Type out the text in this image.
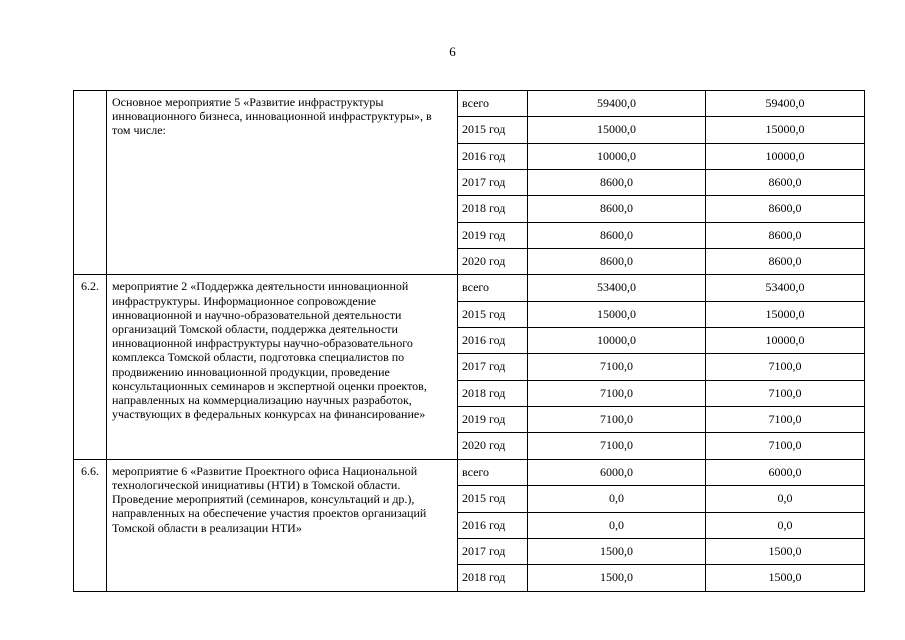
6
	Основное мероприятие 5 «Развитие инфраструктуры инновационного бизнеса, инновационной инфраструктуры», в том числе:	всего	59400,0	59400,0
		2015 год	15000,0	15000,0
		2016 год	10000,0	10000,0
		2017 год	8600,0	8600,0
		2018 год	8600,0	8600,0
		2019 год	8600,0	8600,0
		2020 год	8600,0	8600,0
6.2.	мероприятие 2 «Поддержка деятельности инновационной инфраструктуры. Информационное сопровождение инновационной и научно-образовательной деятельности организаций Томской области, поддержка деятельности инновационной инфраструктуры научно-образовательного комплекса Томской области, подготовка специалистов по продвижению инновационной продукции, проведение консультационных семинаров и экспертной оценки проектов, направленных на коммерциализацию научных разработок, участвующих в федеральных конкурсах на финансирование»	всего	53400,0	53400,0
		2015 год	15000,0	15000,0
		2016 год	10000,0	10000,0
		2017 год	7100,0	7100,0
		2018 год	7100,0	7100,0
		2019 год	7100,0	7100,0
		2020 год	7100,0	7100,0
6.6.	мероприятие 6 «Развитие Проектного офиса Национальной технологической инициативы (НТИ) в Томской области. Проведение мероприятий (семинаров, консультаций и др.), направленных на обеспечение участия проектов организаций Томской области в реализации НТИ»	всего	6000,0	6000,0
		2015 год	0,0	0,0
		2016 год	0,0	0,0
		2017 год	1500,0	1500,0
		2018 год	1500,0	1500,0
